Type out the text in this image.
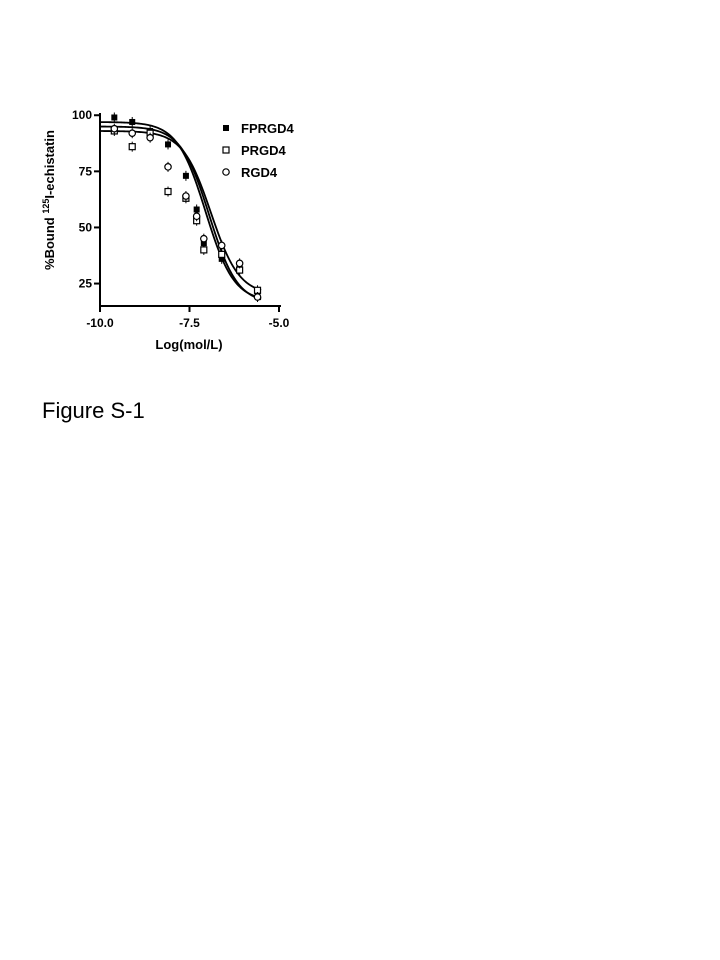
25
50
75
100
-10.0	-7.5	-5.0
Log(mol/L)
%Bound $^{125}$I-echistatin
FPRGD4
PRGD4
RGD4

Figure S-1
